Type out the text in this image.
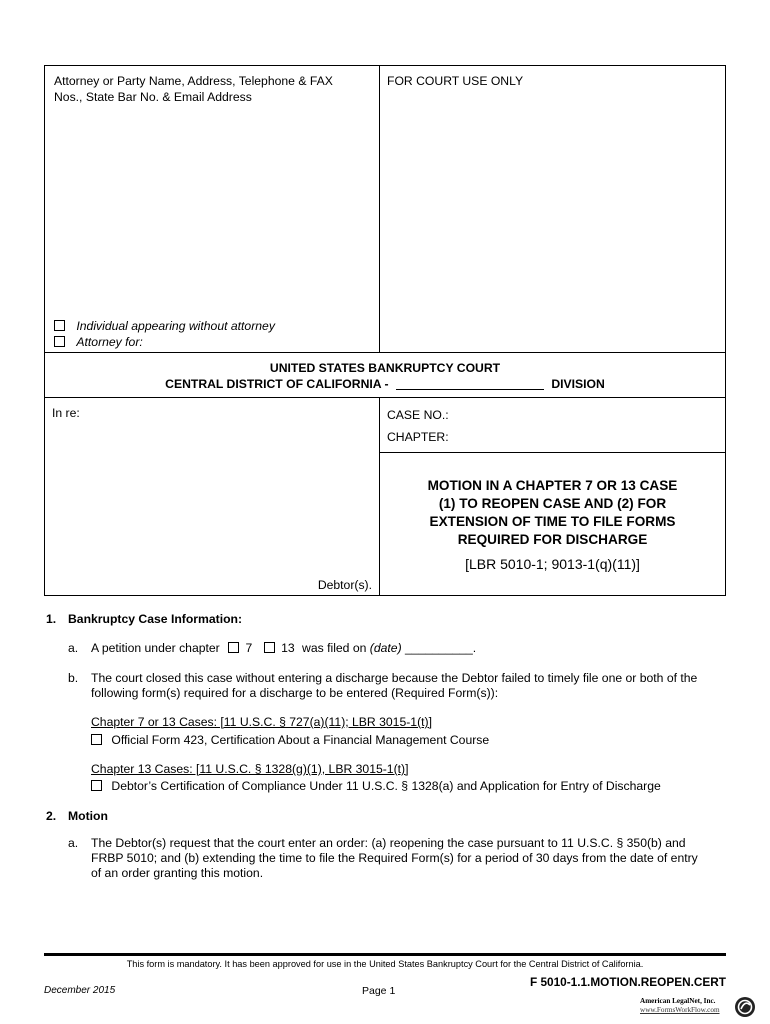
Attorney or Party Name, Address, Telephone & FAX
Nos., State Bar No. & Email Address
Individual appearing without attorney
Attorney for:
FOR COURT USE ONLY
UNITED STATES BANKRUPTCY COURT
CENTRAL DISTRICT OF CALIFORNIA -	DIVISION
In re:
Debtor(s).
CASE NO.:
CHAPTER:
MOTION IN A CHAPTER 7 OR 13 CASE
(1) TO REOPEN CASE AND (2) FOR
EXTENSION OF TIME TO FILE FORMS
REQUIRED FOR DISCHARGE
[LBR 5010-1; 9013-1(q)(11)]
1. Bankruptcy Case Information:
a. A petition under chapter 7 13 was filed on (date) __________.
b. The court closed this case without entering a discharge because the Debtor failed to timely file one or both of the
following form(s) required for a discharge to be entered (Required Form(s)):
Chapter 7 or 13 Cases: [11 U.S.C. § 727(a)(11); LBR 3015-1(t)]
Official Form 423, Certification About a Financial Management Course
Chapter 13 Cases: [11 U.S.C. § 1328(g)(1), LBR 3015-1(t)]
Debtor’s Certification of Compliance Under 11 U.S.C. § 1328(a) and Application for Entry of Discharge
2. Motion
a. The Debtor(s) request that the court enter an order: (a) reopening the case pursuant to 11 U.S.C. § 350(b) and
FRBP 5010; and (b) extending the time to file the Required Form(s) for a period of 30 days from the date of entry
of an order granting this motion.
This form is mandatory. It has been approved for use in the United States Bankruptcy Court for the Central District of California.
December 2015	Page 1
F 5010-1.1.MOTION.REOPEN.CERT
American LegalNet, Inc.
www.FormsWorkFlow.com
